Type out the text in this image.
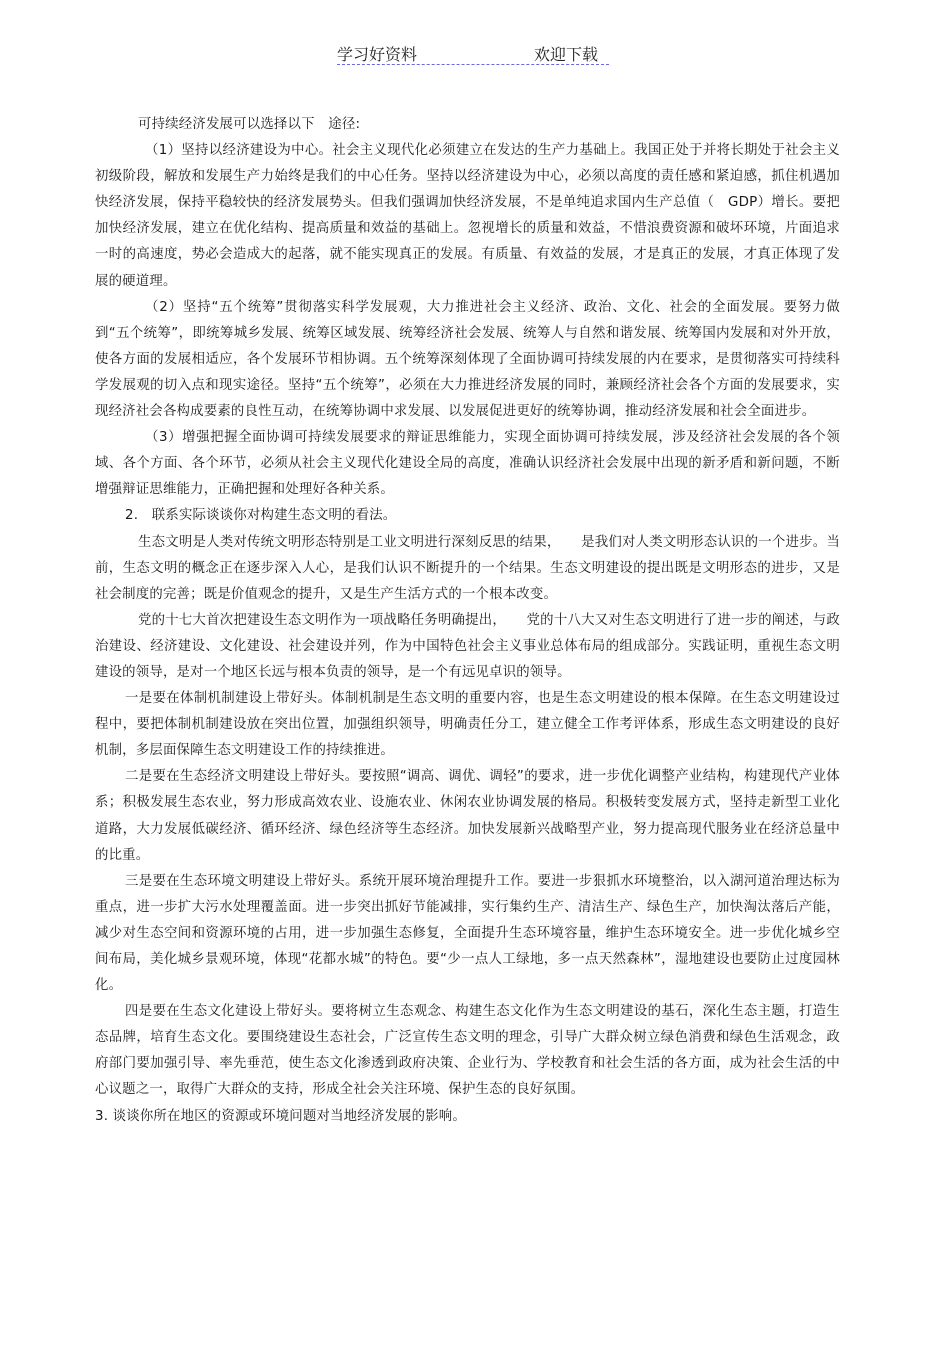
学习好资料	欢迎下载

可持续经济发展可以选择以下　途径:

（1）坚持以经济建设为中心。社会主义现代化必须建立在发达的生产力基础上。我国正处于并将长期处于社会主义初级阶段，解放和发展生产力始终是我们的中心任务。坚持以经济建设为中心，必须以高度的责任感和紧迫感，抓住机遇加快经济发展，保持平稳较快的经济发展势头。但我们强调加快经济发展，不是单纯追求国内生产总值（　GDP）增长。要把加快经济发展，建立在优化结构、提高质量和效益的基础上。忽视增长的质量和效益，不惜浪费资源和破坏环境，片面追求一时的高速度，势必会造成大的起落，就不能实现真正的发展。有质量、有效益的发展，才是真正的发展，才真正体现了发展的硬道理。

（2）坚持“五个统筹”贯彻落实科学发展观，大力推进社会主义经济、政治、文化、社会的全面发展。要努力做到“五个统筹”，即统筹城乡发展、统筹区域发展、统筹经济社会发展、统筹人与自然和谐发展、统筹国内发展和对外开放，使各方面的发展相适应，各个发展环节相协调。五个统筹深刻体现了全面协调可持续发展的内在要求，是贯彻落实可持续科学发展观的切入点和现实途径。坚持“五个统筹”，必须在大力推进经济发展的同时，兼顾经济社会各个方面的发展要求，实现经济社会各构成要素的良性互动，在统筹协调中求发展、以发展促进更好的统筹协调，推动经济发展和社会全面进步。

（3）增强把握全面协调可持续发展要求的辩证思维能力，实现全面协调可持续发展，涉及经济社会发展的各个领域、各个方面、各个环节，必须从社会主义现代化建设全局的高度，准确认识经济社会发展中出现的新矛盾和新问题，不断增强辩证思维能力，正确把握和处理好各种关系。

2.　联系实际谈谈你对构建生态文明的看法。

生态文明是人类对传统文明形态特别是工业文明进行深刻反思的结果，　　是我们对人类文明形态认识的一个进步。当前，生态文明的概念正在逐步深入人心，是我们认识不断提升的一个结果。生态文明建设的提出既是文明形态的进步，又是社会制度的完善；既是价值观念的提升，又是生产生活方式的一个根本改变。

党的十七大首次把建设生态文明作为一项战略任务明确提出，　　党的十八大又对生态文明进行了进一步的阐述，与政治建设、经济建设、文化建设、社会建设并列，作为中国特色社会主义事业总体布局的组成部分。实践证明，重视生态文明建设的领导，是对一个地区长远与根本负责的领导，是一个有远见卓识的领导。

一是要在体制机制建设上带好头。体制机制是生态文明的重要内容，也是生态文明建设的根本保障。在生态文明建设过程中，要把体制机制建设放在突出位置，加强组织领导，明确责任分工，建立健全工作考评体系，形成生态文明建设的良好机制，多层面保障生态文明建设工作的持续推进。

二是要在生态经济文明建设上带好头。要按照“调高、调优、调轻”的要求，进一步优化调整产业结构，构建现代产业体系；积极发展生态农业，努力形成高效农业、设施农业、休闲农业协调发展的格局。积极转变发展方式，坚持走新型工业化道路，大力发展低碳经济、循环经济、绿色经济等生态经济。加快发展新兴战略型产业，努力提高现代服务业在经济总量中的比重。

三是要在生态环境文明建设上带好头。系统开展环境治理提升工作。要进一步狠抓水环境整治，以入湖河道治理达标为重点，进一步扩大污水处理覆盖面。进一步突出抓好节能减排，实行集约生产、清洁生产、绿色生产，加快淘汰落后产能，减少对生态空间和资源环境的占用，进一步加强生态修复，全面提升生态环境容量，维护生态环境安全。进一步优化城乡空间布局，美化城乡景观环境，体现“花都水城”的特色。要“少一点人工绿地，多一点天然森林”，湿地建设也要防止过度园林化。

四是要在生态文化建设上带好头。要将树立生态观念、构建生态文化作为生态文明建设的基石，深化生态主题，打造生态品牌，培育生态文化。要围绕建设生态社会，广泛宣传生态文明的理念，引导广大群众树立绿色消费和绿色生活观念，政府部门要加强引导、率先垂范，使生态文化渗透到政府决策、企业行为、学校教育和社会生活的各方面，成为社会生活的中心议题之一，取得广大群众的支持，形成全社会关注环境、保护生态的良好氛围。

3. 谈谈你所在地区的资源或环境问题对当地经济发展的影响。
